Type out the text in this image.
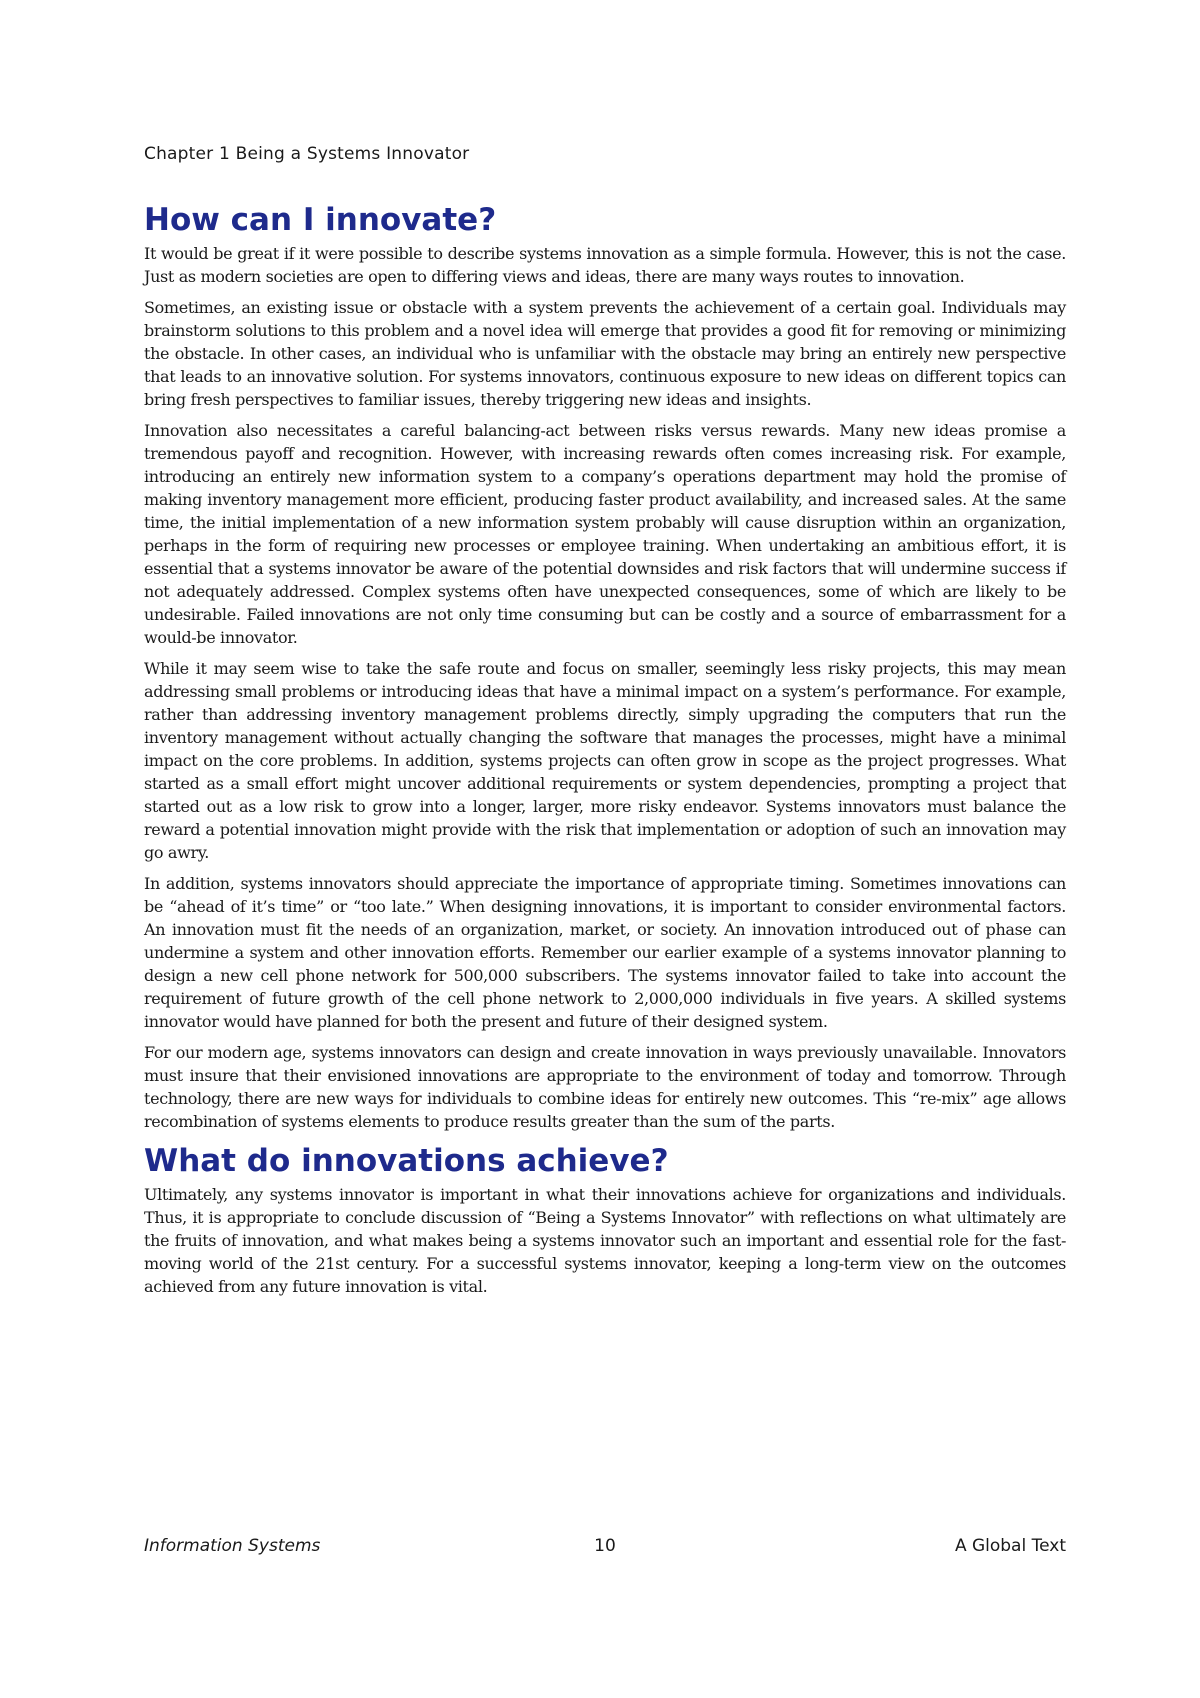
Chapter 1 Being a Systems Innovator
How can I innovate?

It would be great if it were possible to describe systems innovation as a simple formula. However, this is not the case. Just as modern societies are open to differing views and ideas, there are many ways routes to innovation.

Sometimes, an existing issue or obstacle with a system prevents the achievement of a certain goal. Individuals may brainstorm solutions to this problem and a novel idea will emerge that provides a good fit for removing or minimizing the obstacle. In other cases, an individual who is unfamiliar with the obstacle may bring an entirely new perspective that leads to an innovative solution. For systems innovators, continuous exposure to new ideas on different topics can bring fresh perspectives to familiar issues, thereby triggering new ideas and insights.

Innovation also necessitates a careful balancing-act between risks versus rewards. Many new ideas promise a tremendous payoff and recognition. However, with increasing rewards often comes increasing risk. For example, introducing an entirely new information system to a company’s operations department may hold the promise of making inventory management more efficient, producing faster product availability, and increased sales. At the same time, the initial implementation of a new information system probably will cause disruption within an organization, perhaps in the form of requiring new processes or employee training. When undertaking an ambitious effort, it is essential that a systems innovator be aware of the potential downsides and risk factors that will undermine success if not adequately addressed. Complex systems often have unexpected consequences, some of which are likely to be undesirable. Failed innovations are not only time consuming but can be costly and a source of embarrassment for a would-be innovator.

While it may seem wise to take the safe route and focus on smaller, seemingly less risky projects, this may mean addressing small problems or introducing ideas that have a minimal impact on a system’s performance. For example, rather than addressing inventory management problems directly, simply upgrading the computers that run the inventory management without actually changing the software that manages the processes, might have a minimal impact on the core problems. In addition, systems projects can often grow in scope as the project progresses. What started as a small effort might uncover additional requirements or system dependencies, prompting a project that started out as a low risk to grow into a longer, larger, more risky endeavor. Systems innovators must balance the reward a potential innovation might provide with the risk that implementation or adoption of such an innovation may go awry.

In addition, systems innovators should appreciate the importance of appropriate timing. Sometimes innovations can be “ahead of it’s time” or “too late.” When designing innovations, it is important to consider environmental factors. An innovation must fit the needs of an organization, market, or society. An innovation introduced out of phase can undermine a system and other innovation efforts. Remember our earlier example of a systems innovator planning to design a new cell phone network for 500,000 subscribers. The systems innovator failed to take into account the requirement of future growth of the cell phone network to 2,000,000 individuals in five years. A skilled systems innovator would have planned for both the present and future of their designed system.

For our modern age, systems innovators can design and create innovation in ways previously unavailable. Innovators must insure that their envisioned innovations are appropriate to the environment of today and tomorrow. Through technology, there are new ways for individuals to combine ideas for entirely new outcomes. This “re-mix” age allows recombination of systems elements to produce results greater than the sum of the parts.

What do innovations achieve?

Ultimately, any systems innovator is important in what their innovations achieve for organizations and individuals. Thus, it is appropriate to conclude discussion of “Being a Systems Innovator” with reflections on what ultimately are the fruits of innovation, and what makes being a systems innovator such an important and essential role for the fast-moving world of the 21st century. For a successful systems innovator, keeping a long-term view on the outcomes achieved from any future innovation is vital.

Information Systems	10	A Global Text
